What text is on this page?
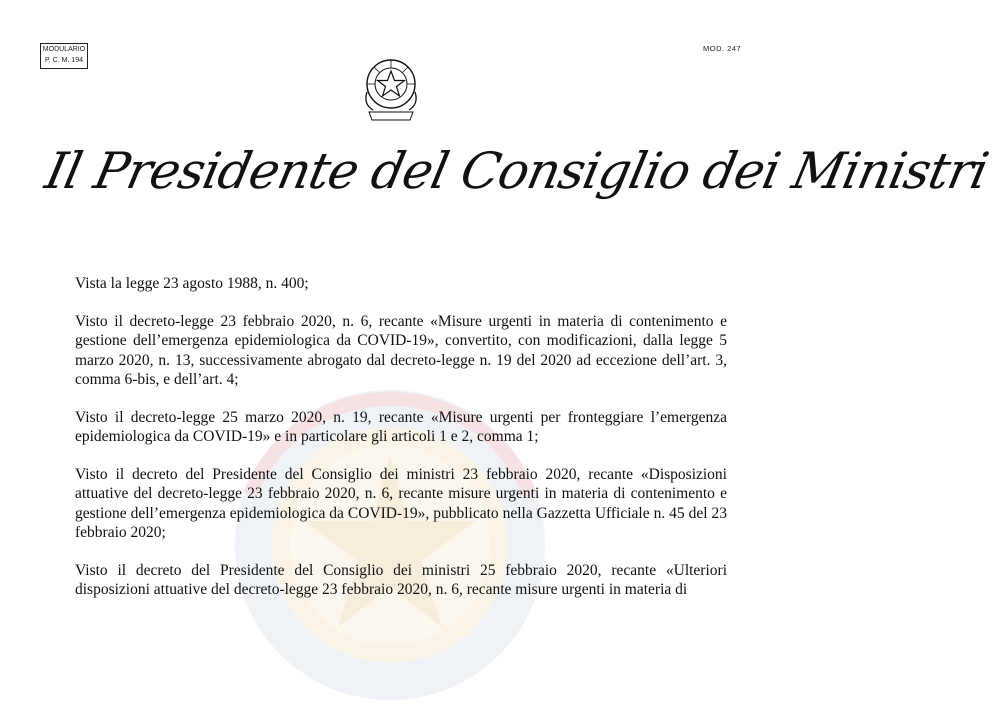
MODULARIO
P. C. M. 194
MOD. 247
Il Presidente del Consiglio dei Ministri

Vista la legge 23 agosto 1988, n. 400;

Visto il decreto-legge 23 febbraio 2020, n. 6, recante «Misure urgenti in materia di contenimento e gestione dell’emergenza epidemiologica da COVID-19», convertito, con modificazioni, dalla legge 5 marzo 2020, n. 13, successivamente abrogato dal decreto-legge n. 19 del 2020 ad eccezione dell’art. 3, comma 6-bis, e dell’art. 4;

Visto il decreto-legge 25 marzo 2020, n. 19, recante «Misure urgenti per fronteggiare l’emergenza epidemiologica da COVID-19» e in particolare gli articoli 1 e 2, comma 1;

Visto il decreto del Presidente del Consiglio dei ministri 23 febbraio 2020, recante «Disposizioni attuative del decreto-legge 23 febbraio 2020, n. 6, recante misure urgenti in materia di contenimento e gestione dell’emergenza epidemiologica da COVID-19», pubblicato nella Gazzetta Ufficiale n. 45 del 23 febbraio 2020;

Visto il decreto del Presidente del Consiglio dei ministri 25 febbraio 2020, recante «Ulteriori disposizioni attuative del decreto-legge 23 febbraio 2020, n. 6, recante misure urgenti in materia di
